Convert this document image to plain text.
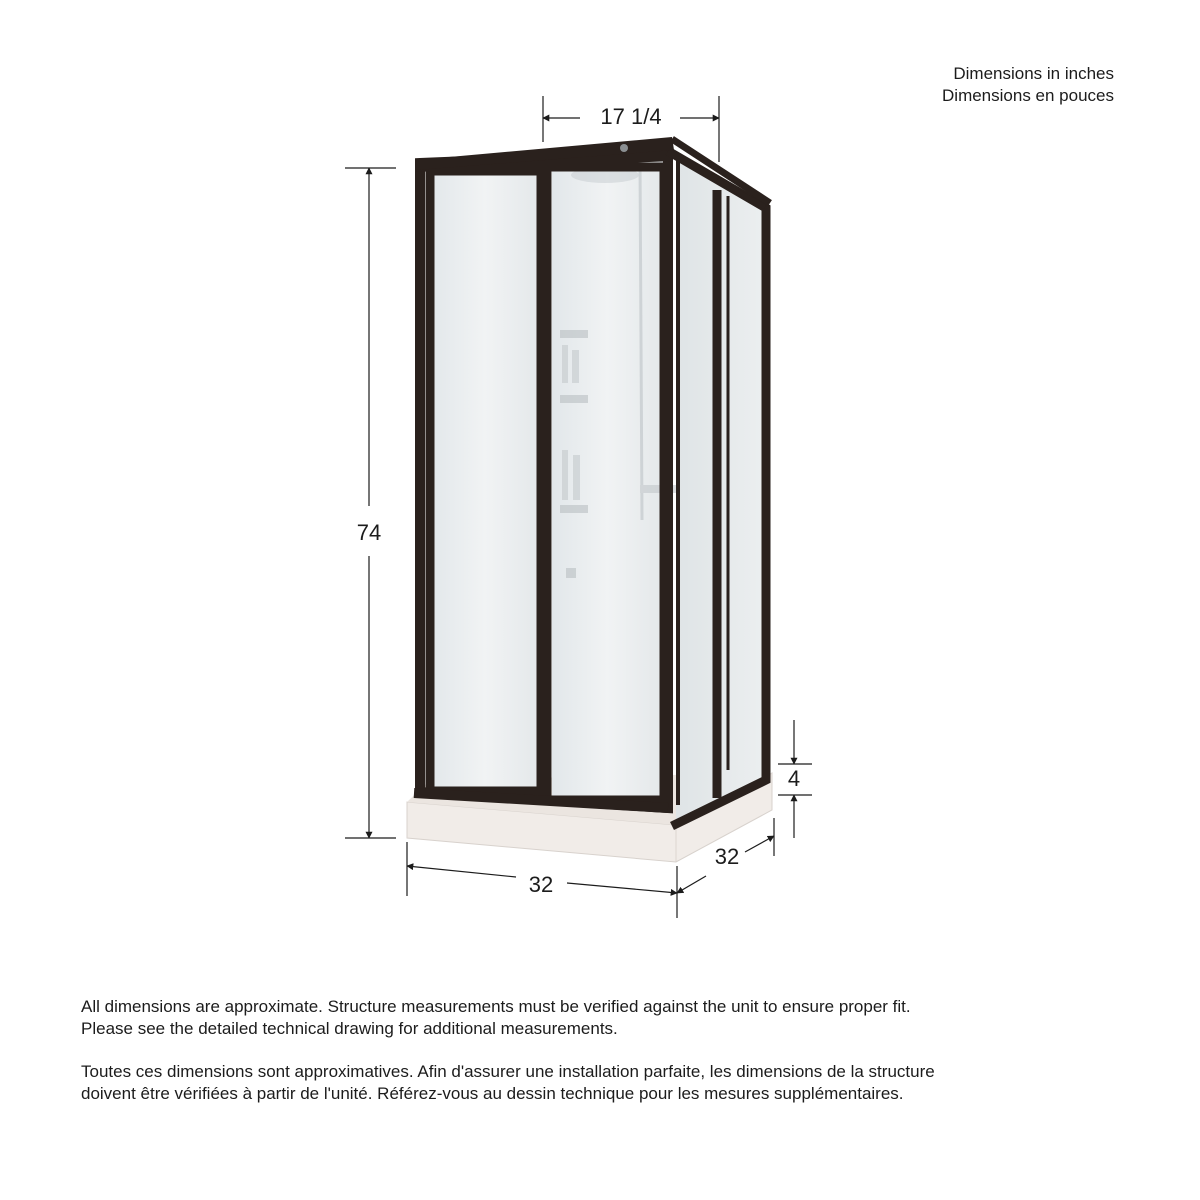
Dimensions in inches
Dimensions en pouces
17 1/4
74
32
32
4

All dimensions are approximate. Structure measurements must be verified against the unit to ensure proper fit. Please see the detailed technical drawing for additional measurements.

Toutes ces dimensions sont approximatives. Afin d'assurer une installation parfaite, les dimensions de la structure doivent être vérifiées à partir de l'unité. Référez-vous au dessin technique pour les mesures supplémentaires.
